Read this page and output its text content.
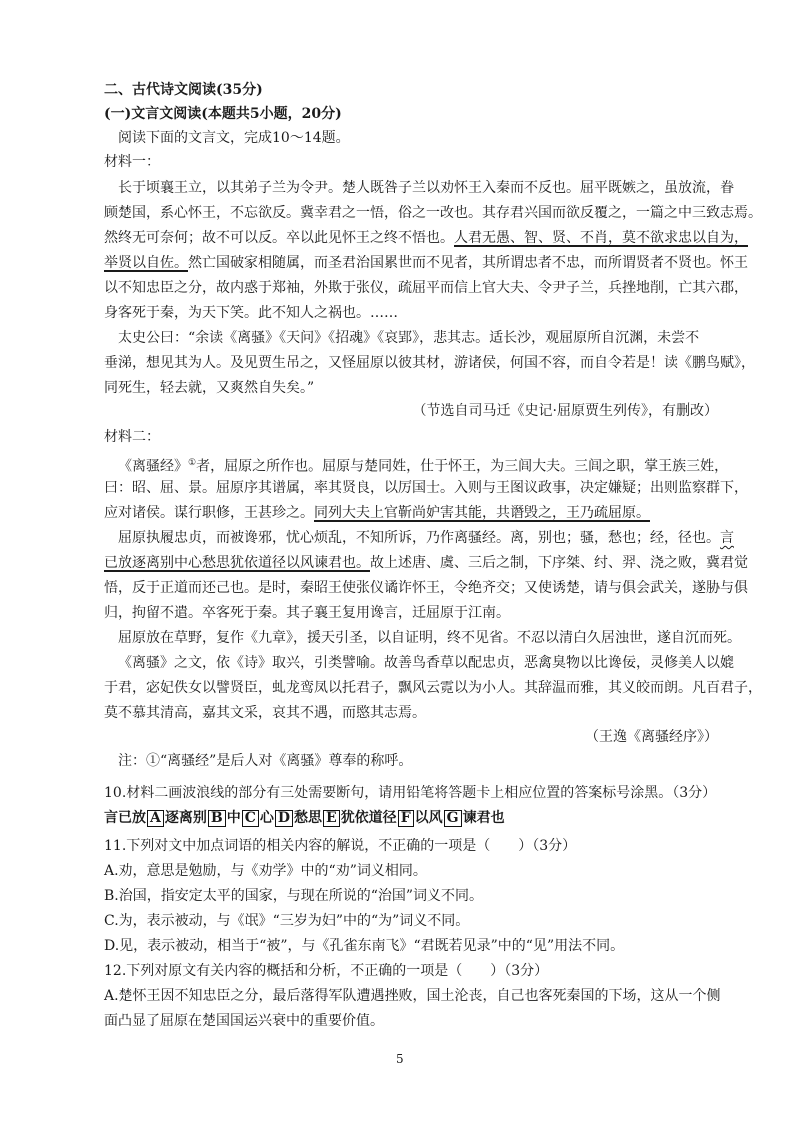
二、古代诗文阅读(35分)
(一)文言文阅读(本题共5小题，20分)
阅读下面的文言文，完成10～14题。
材料一：
长于顷襄王立，以其弟子兰为令尹。楚人既咎子兰以劝怀王入秦而不反也。屈平既嫉之，虽放流，眷
顾楚国，系心怀王，不忘欲反。冀幸君之一悟，俗之一改也。其存君兴国而欲反覆之，一篇之中三致志焉。
然终无可奈何；故不可以反。卒以此见怀王之终不悟也。人君无愚、智、贤、不肖，莫不欲求忠以自为，
举贤以自佐。然亡国破家相随属，而圣君治国累世而不见者，其所谓忠者不忠，而所谓贤者不贤也。怀王
以不知忠臣之分，故内惑于郑袖，外欺于张仪，疏屈平而信上官大夫、令尹子兰，兵挫地削，亡其六郡，
身客死于秦，为天下笑。此不知人之祸也。……
太史公曰：“余读《离骚》《天问》《招魂》《哀郢》，悲其志。适长沙，观屈原所自沉渊，未尝不
垂涕，想见其为人。及见贾生吊之，又怪屈原以彼其材，游诸侯，何国不容，而自令若是！读《鹏鸟赋》，
同死生，轻去就，又爽然自失矣。”
（节选自司马迁《史记·屈原贾生列传》，有删改）
材料二：
《离骚经》①者，屈原之所作也。屈原与楚同姓，仕于怀王，为三闾大夫。三闾之职，掌王族三姓，
曰：昭、屈、景。屈原序其谱属，率其贤良，以厉国士。入则与王图议政事，决定嫌疑；出则监察群下，
应对诸侯。谋行职修，王甚珍之。同列大夫上官靳尚妒害其能，共谮毁之，王乃疏屈原。
屈原执履忠贞，而被谗邪，忧心烦乱，不知所诉，乃作离骚经。离，别也；骚，愁也；经，径也。言
已放逐离别中心愁思犹依道径以风谏君也。故上述唐、虞、三后之制，下序桀、纣、羿、浇之败，冀君觉
悟，反于正道而还己也。是时，秦昭王使张仪谲诈怀王，令绝齐交；又使诱楚，请与俱会武关，遂胁与俱
归，拘留不遣。卒客死于秦。其子襄王复用谗言，迁屈原于江南。
屈原放在草野，复作《九章》，援天引圣，以自证明，终不见省。不忍以清白久居浊世，遂自沉而死。
《离骚》之文，依《诗》取兴，引类譬喻。故善鸟香草以配忠贞，恶禽臭物以比谗佞，灵修美人以媲
于君，宓妃佚女以譬贤臣，虬龙鸾凤以托君子，飘风云霓以为小人。其辞温而雅，其义皎而朗。凡百君子，
莫不慕其清高，嘉其文采，哀其不遇，而愍其志焉。
（王逸《离骚经序》）
注：①“离骚经”是后人对《离骚》尊奉的称呼。
10.材料二画波浪线的部分有三处需要断句，请用铅笔将答题卡上相应位置的答案标号涂黑。（3分）
言已放 A 逐离别 B 中 C 心 D 愁思 E 犹依道径 F 以风 G 谏君也
11.下列对文中加点词语的相关内容的解说，不正确的一项是（　　）（3分）
A.劝，意思是勉励，与《劝学》中的“劝”词义相同。
B.治国，指安定太平的国家，与现在所说的“治国”词义不同。
C.为，表示被动，与《氓》“三岁为妇”中的“为”词义不同。
D.见，表示被动，相当于“被”，与《孔雀东南飞》“君既若见录”中的“见”用法不同。
12.下列对原文有关内容的概括和分析，不正确的一项是（　　）（3分）
A.楚怀王因不知忠臣之分，最后落得军队遭遇挫败，国土沦丧，自己也客死秦国的下场，这从一个侧
面凸显了屈原在楚国国运兴衰中的重要价值。
5
